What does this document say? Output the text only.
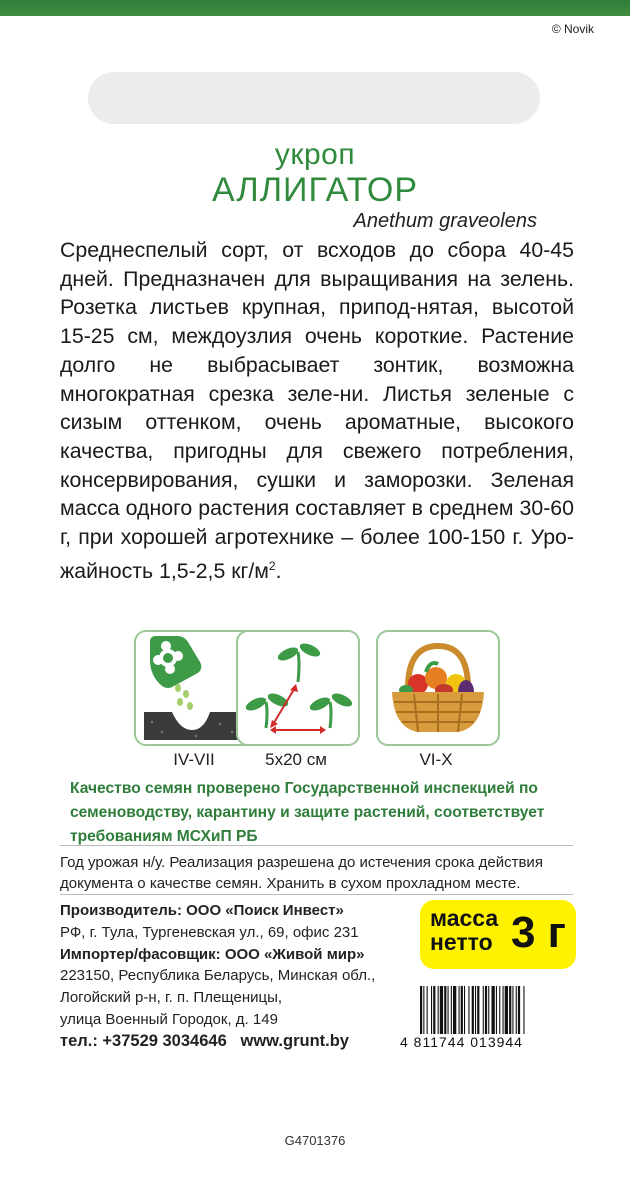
© Novik
укроп
АЛЛИГАТОР
Anethum graveolens

Среднеспелый сорт, от всходов до сбора 40-45 дней. Предназначен для выращивания на зелень. Розетка листьев крупная, припод-нятая, высотой 15-25 см, междоузлия очень короткие. Растение долго не выбрасывает зонтик, возможна многократная срезка зеле-ни. Листья зеленые с сизым оттенком, очень ароматные, высокого качества, пригодны для свежего потребления, консервирования, сушки и заморозки. Зеленая масса одного растения составляет в среднем 30-60 г, при хорошей агротехнике – более 100-150 г. Уро-жайность 1,5-2,5 $кг/м^2$.

IV-VII	5x20 см	VI-X
Качество семян проверено Государственной инспекцией по семеноводству, карантину и защите растений, соответствует требованиям МСХиП РБ
Год урожая н/у. Реализация разрешена до истечения срока действия документа о качестве семян. Хранить в сухом прохладном месте.
Производитель: ООО «Поиск Инвест»
РФ, г. Тула, Тургеневская ул., 69, офис 231
Импортер/фасовщик: ООО «Живой мир»
223150, Республика Беларусь, Минская обл.,
Логойский р-н, г. п. Плещеницы,
улица Военный Городок, д. 149
тел.: +37529 3034646 www.grunt.by
масса
нетто 3 г
4 811744 013944
G4701376
